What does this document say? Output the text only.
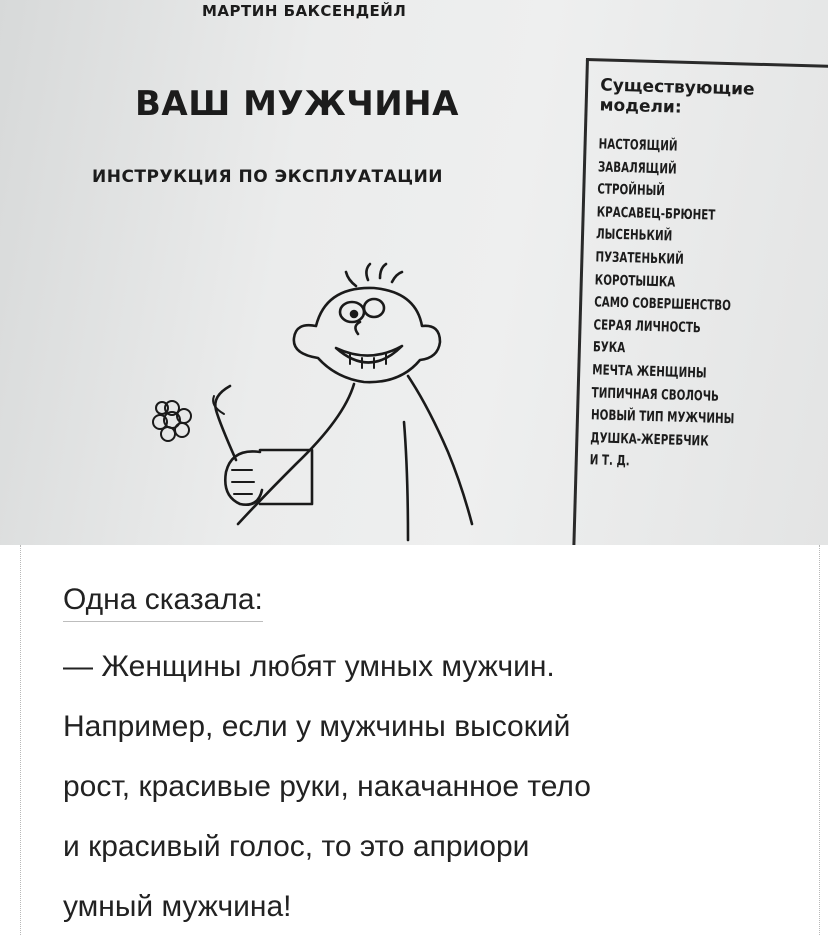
МАРТИН БАКСЕНДЕЙЛ
ВАШ МУЖЧИНА
ИНСТРУКЦИЯ ПО ЭКСПЛУАТАЦИИ
Существующие модели:
НАСТОЯЩИЙ
ЗАВАЛЯЩИЙ
СТРОЙНЫЙ
КРАСАВЕЦ-БРЮНЕТ
ЛЫСЕНЬКИЙ
ПУЗАТЕНЬКИЙ
КОРОТЫШКА
САМО СОВЕРШЕНСТВО
СЕРАЯ ЛИЧНОСТЬ
БУКА
МЕЧТА ЖЕНЩИНЫ
ТИПИЧНАЯ СВОЛОЧЬ
НОВЫЙ ТИП МУЖЧИНЫ
ДУШКА-ЖЕРЕБЧИК
И Т. Д.
Одна сказала:

— Женщины любят умных мужчин.
Например, если у мужчины высокий
рост, красивые руки, накачанное тело
и красивый голос, то это априори
умный мужчина!
